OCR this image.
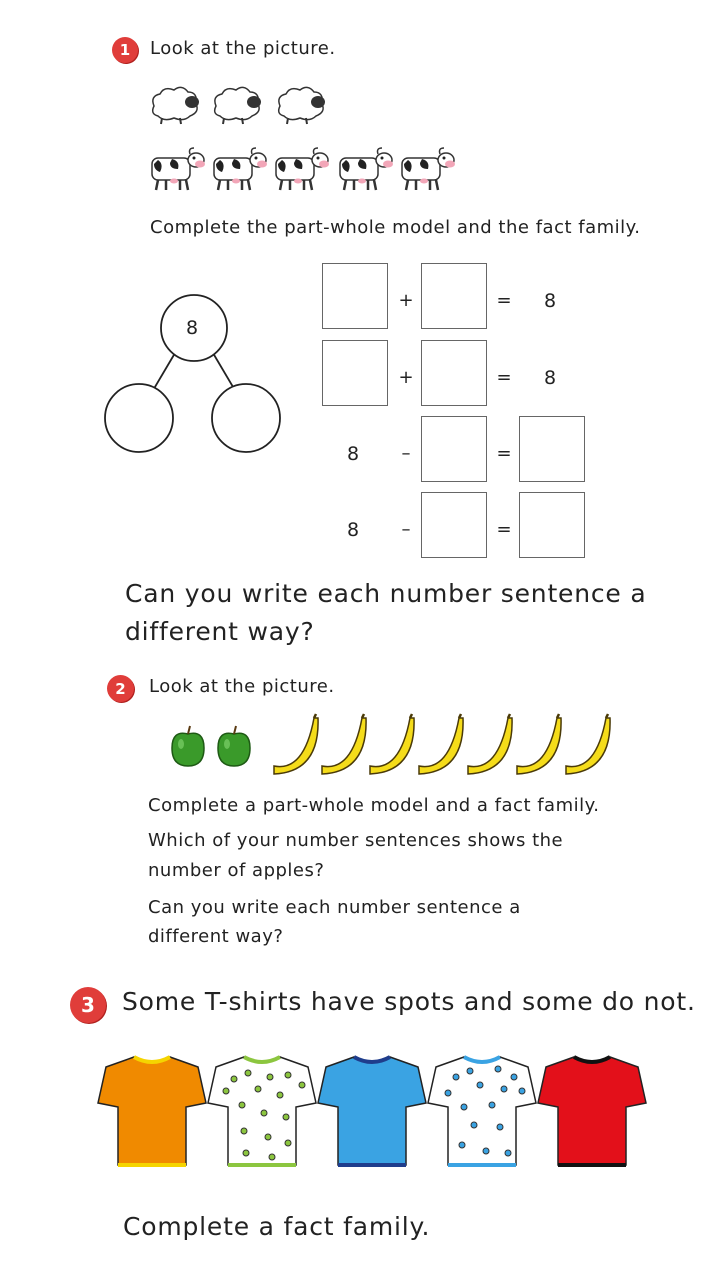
1	Look at the picture.
Complete the part-whole model and the fact family.
8
+	= 8
+	= 8
8	–	=
8	–	=
Can you write each number sentence a
different way?
2	Look at the picture.
Complete a part-whole model and a fact family.
Which of your number sentences shows the
number of apples?
Can you write each number sentence a
different way?
3	Some T-shirts have spots and some do not.
Complete a fact family.
